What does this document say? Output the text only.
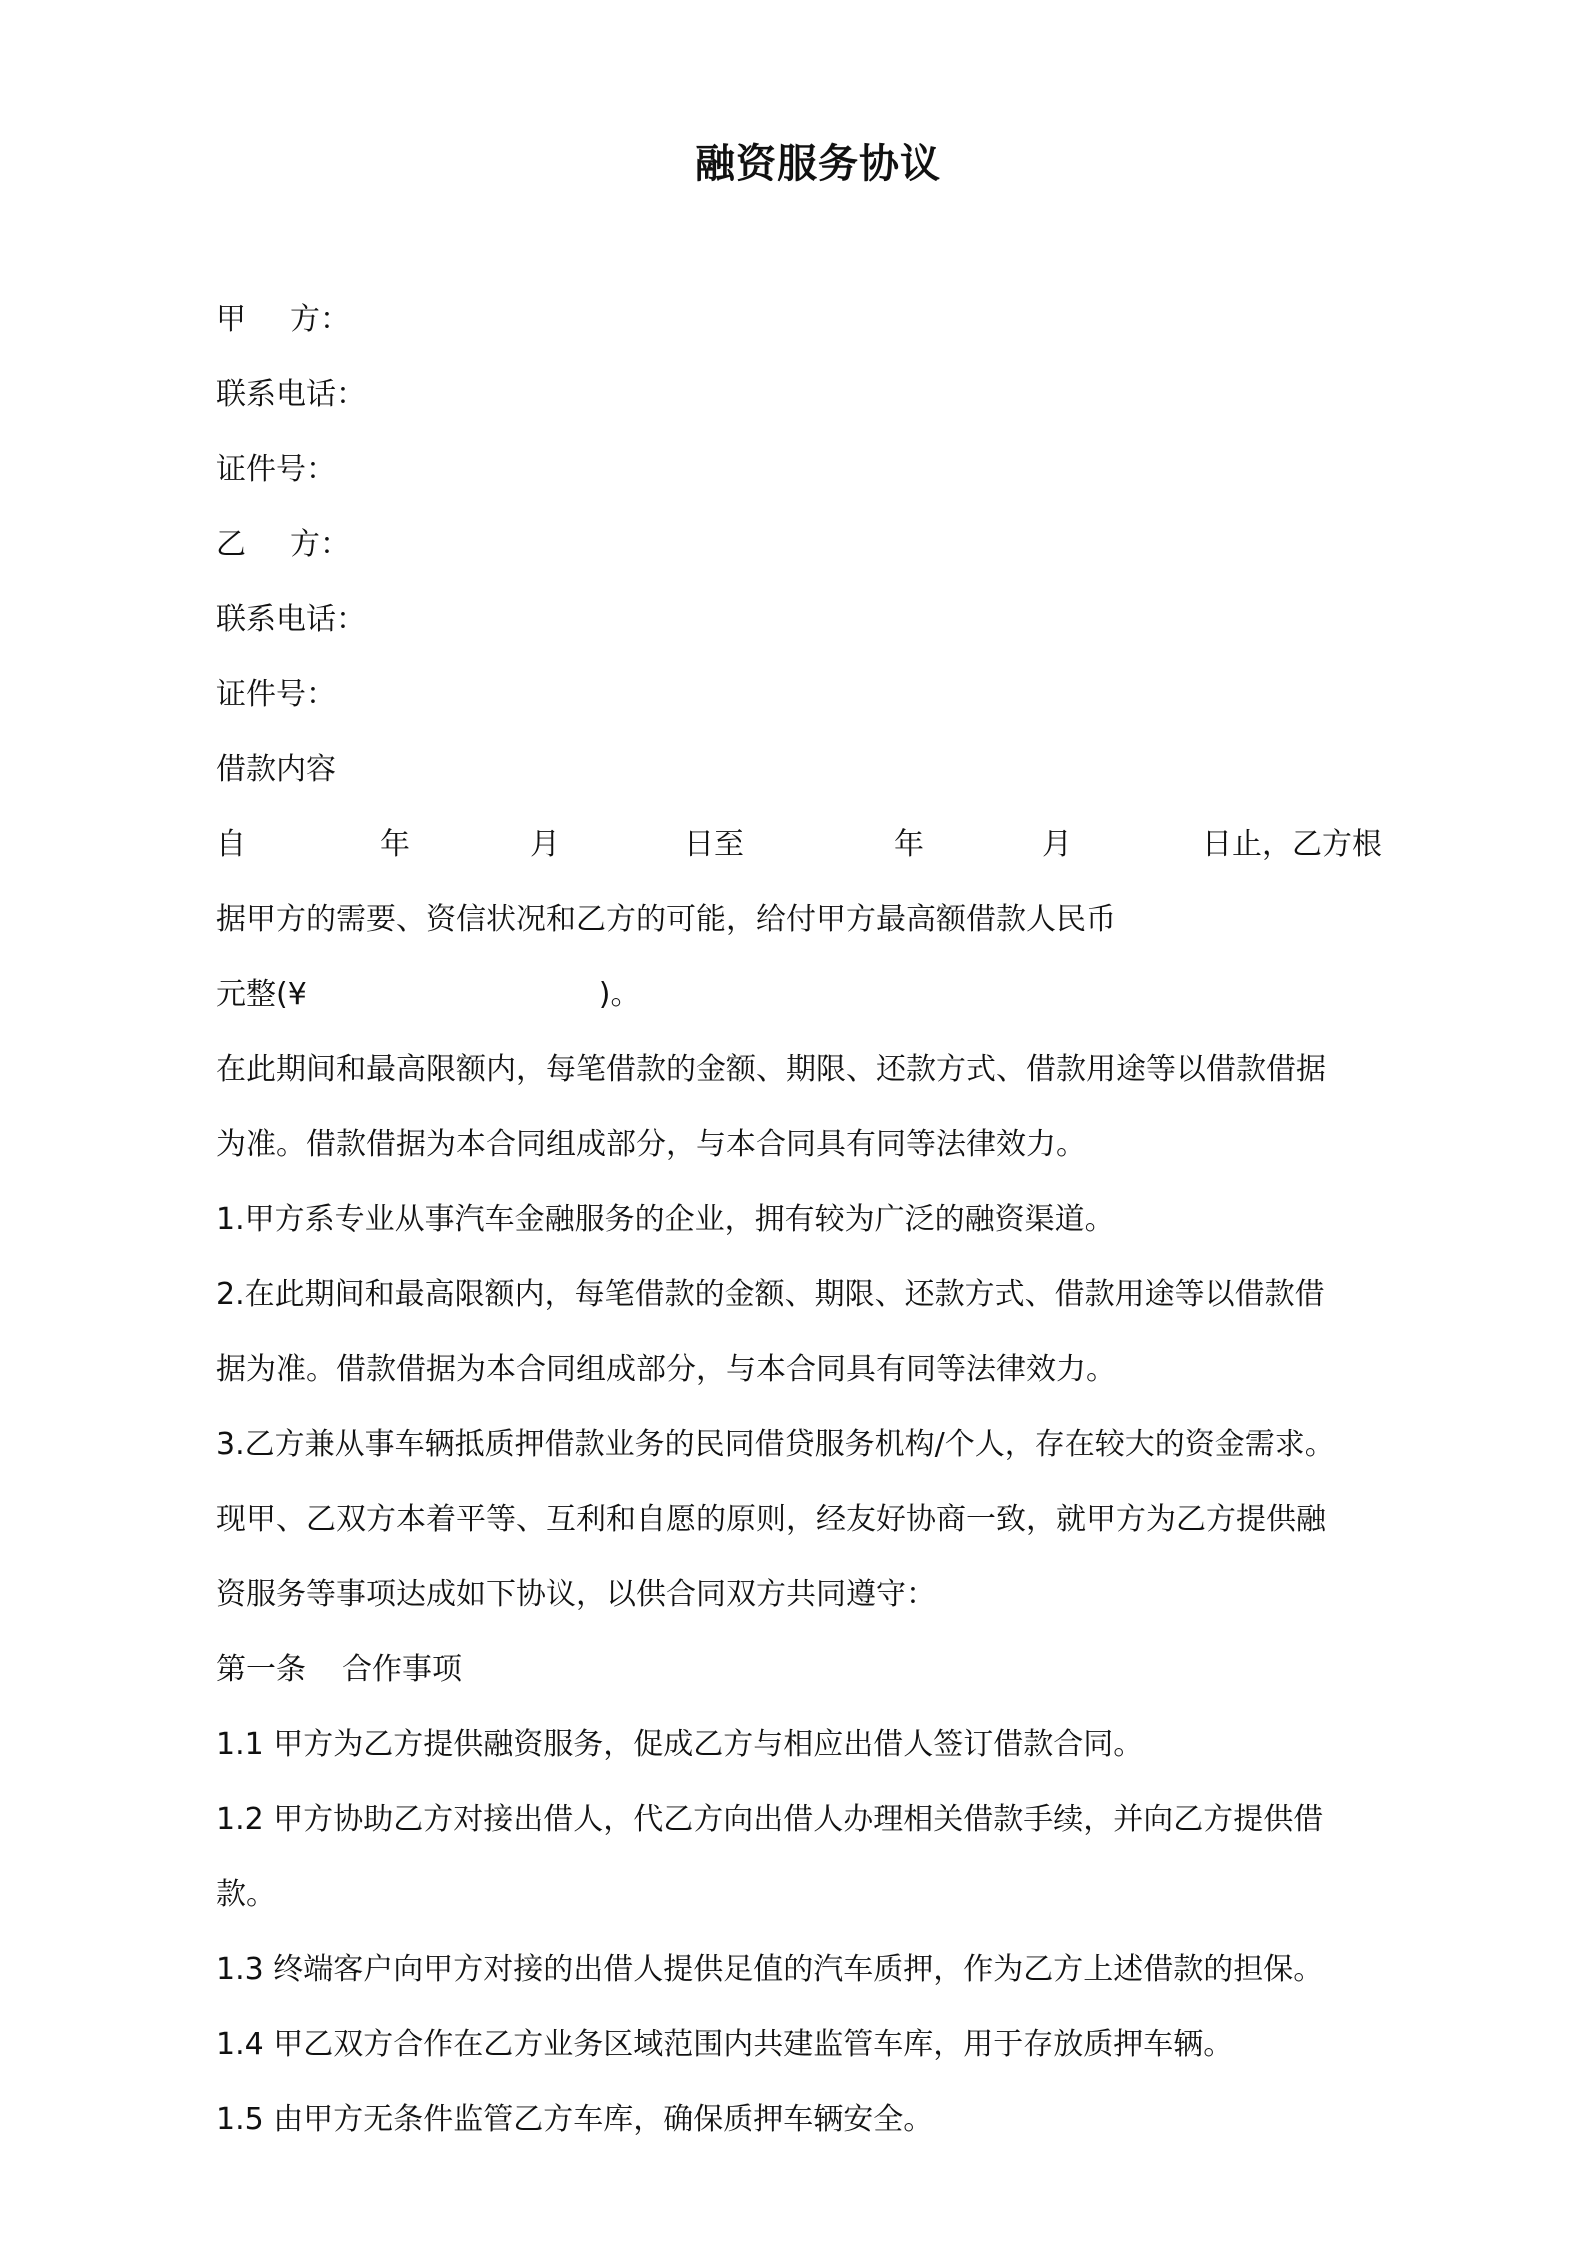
融资服务协议
甲 方：
联系电话：
证件号：
乙 方：
联系电话：
证件号：
借款内容
自	年	月	日至	年	月	日止，乙方根
据甲方的需要、资信状况和乙方的可能，给付甲方最高额借款人民币
元整(¥	)。
在此期间和最高限额内，每笔借款的金额、期限、还款方式、借款用途等以借款借据
为准。借款借据为本合同组成部分，与本合同具有同等法律效力。
1.甲方系专业从事汽车金融服务的企业，拥有较为广泛的融资渠道。
2.在此期间和最高限额内，每笔借款的金额、期限、还款方式、借款用途等以借款借
据为准。借款借据为本合同组成部分，与本合同具有同等法律效力。
3.乙方兼从事车辆抵质押借款业务的民同借贷服务机构/个人，存在较大的资金需求。
现甲、乙双方本着平等、互利和自愿的原则，经友好协商一致，就甲方为乙方提供融
资服务等事项达成如下协议，以供合同双方共同遵守：
第一条 合作事项
1.1 甲方为乙方提供融资服务，促成乙方与相应出借人签订借款合同。
1.2 甲方协助乙方对接出借人，代乙方向出借人办理相关借款手续，并向乙方提供借
款。
1.3 终端客户向甲方对接的出借人提供足值的汽车质押，作为乙方上述借款的担保。
1.4 甲乙双方合作在乙方业务区域范围内共建监管车库，用于存放质押车辆。
1.5 由甲方无条件监管乙方车库，确保质押车辆安全。
